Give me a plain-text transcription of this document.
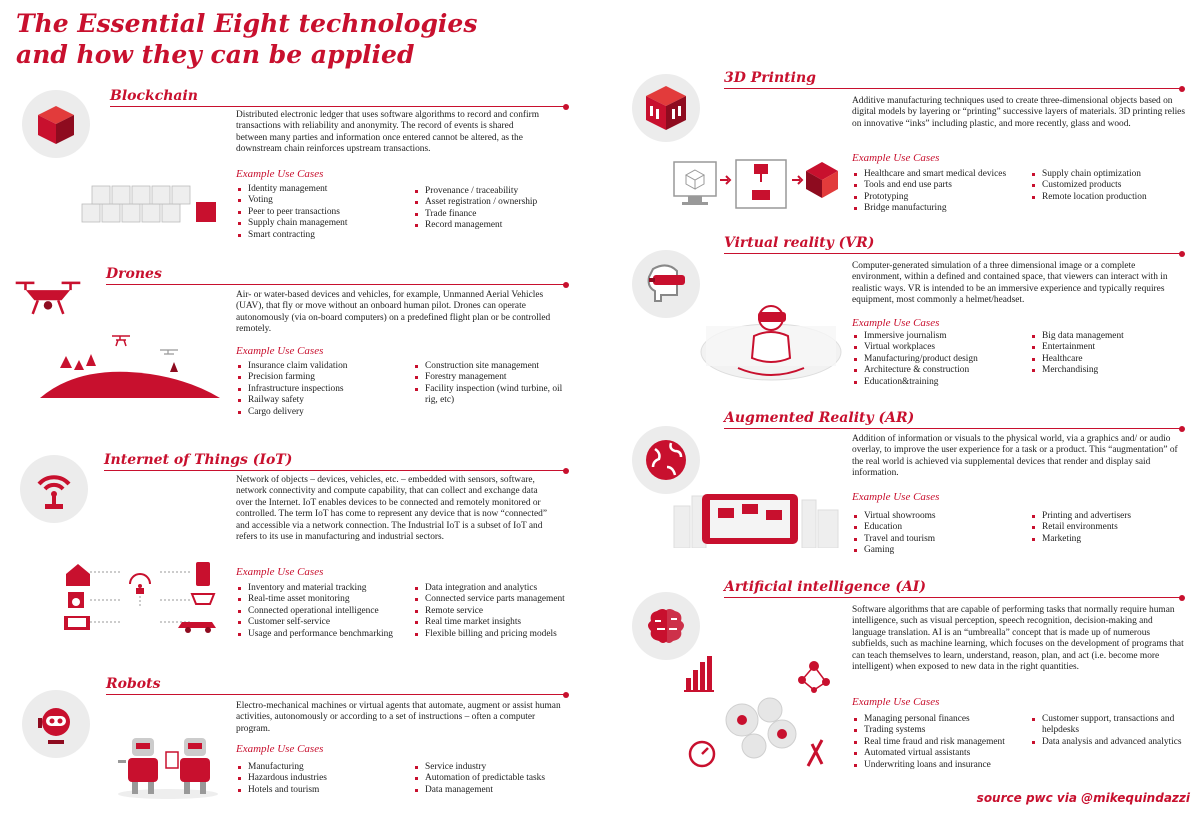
The Essential Eight technologies
and how they can be applied
Blockchain
Distributed electronic ledger that uses software algorithms to record and confirm transactions with reliability and anonymity. The record of events is shared between many parties and information once entered cannot be altered, as the downstream chain reinforces upstream transactions.
Example Use Cases
Identity management
Voting
Peer to peer transactions
Supply chain management
Smart contracting
Provenance / traceability
Asset registration / ownership
Trade finance
Record management
Drones
Air- or water-based devices and vehicles, for example, Unmanned Aerial Vehicles (UAV), that fly or move without an onboard human pilot. Drones can operate autonomously (via on-board computers) on a predefined flight plan or be controlled remotely.
Example Use Cases
Insurance claim validation
Precision farming
Infrastructure inspections
Railway safety
Cargo delivery
Construction site management
Forestry management
Facility inspection (wind turbine, oil rig, etc)
Internet of Things (IoT)
Network of objects – devices, vehicles, etc. – embedded with sensors, software, network connectivity and compute capability, that can collect and exchange data over the Internet. IoT enables devices to be connected and remotely monitored or controlled. The term IoT has come to represent any device that is now “connected” and accessible via a network connection. The Industrial IoT is a subset of IoT and refers to its use in manufacturing and industrial sectors.
Example Use Cases
Inventory and material tracking
Real-time asset monitoring
Connected operational intelligence
Customer self-service
Usage and performance benchmarking
Data integration and analytics
Connected service parts management
Remote service
Real time market insights
Flexible billing and pricing models
Robots
Electro-mechanical machines or virtual agents that automate, augment or assist human activities, autonomously or according to a set of instructions – often a computer program.
Example Use Cases
Manufacturing
Hazardous industries
Hotels and tourism
Service industry
Automation of predictable tasks
Data management
3D Printing
Additive manufacturing techniques used to create three-dimensional objects based on digital models by layering or “printing” successive layers of materials. 3D printing relies on innovative “inks” including plastic, and more recently, glass and wood.
Example Use Cases
Healthcare and smart medical devices
Tools and end use parts
Prototyping
Bridge manufacturing
Supply chain optimization
Customized products
Remote location production
Virtual reality (VR)
Computer-generated simulation of a three dimensional image or a complete environment, within a defined and contained space, that viewers can interact with in realistic ways. VR is intended to be an immersive experience and typically requires equipment, most commonly a helmet/headset.
Example Use Cases
Immersive journalism
Virtual workplaces
Manufacturing/product design
Architecture & construction
Education&training
Big data management
Entertainment
Healthcare
Merchandising
Augmented Reality (AR)
Addition of information or visuals to the physical world, via a graphics and/ or audio overlay, to improve the user experience for a task or a product. This “augmentation” of the real world is achieved via supplemental devices that render and display said information.
Example Use Cases
Virtual showrooms
Education
Travel and tourism
Gaming
Printing and advertisers
Retail environments
Marketing
Artificial intelligence (AI)
Software algorithms that are capable of performing tasks that normally require human intelligence, such as visual perception, speech recognition, decision-making and language translation. AI is an “umbrealla” concept that is made up of numerous subfields, such as machine learning, which focuses on the development of programs that can teach themselves to learn, understand, reason, plan, and act (i.e. become more intelligent) when exposed to new data in the right quantities.
Example Use Cases
Managing personal finances
Trading systems
Real time fraud and risk management
Automated virtual assistants
Underwriting loans and insurance
Customer support, transactions and helpdesks
Data analysis and advanced analytics
source pwc via @mikequindazzi
